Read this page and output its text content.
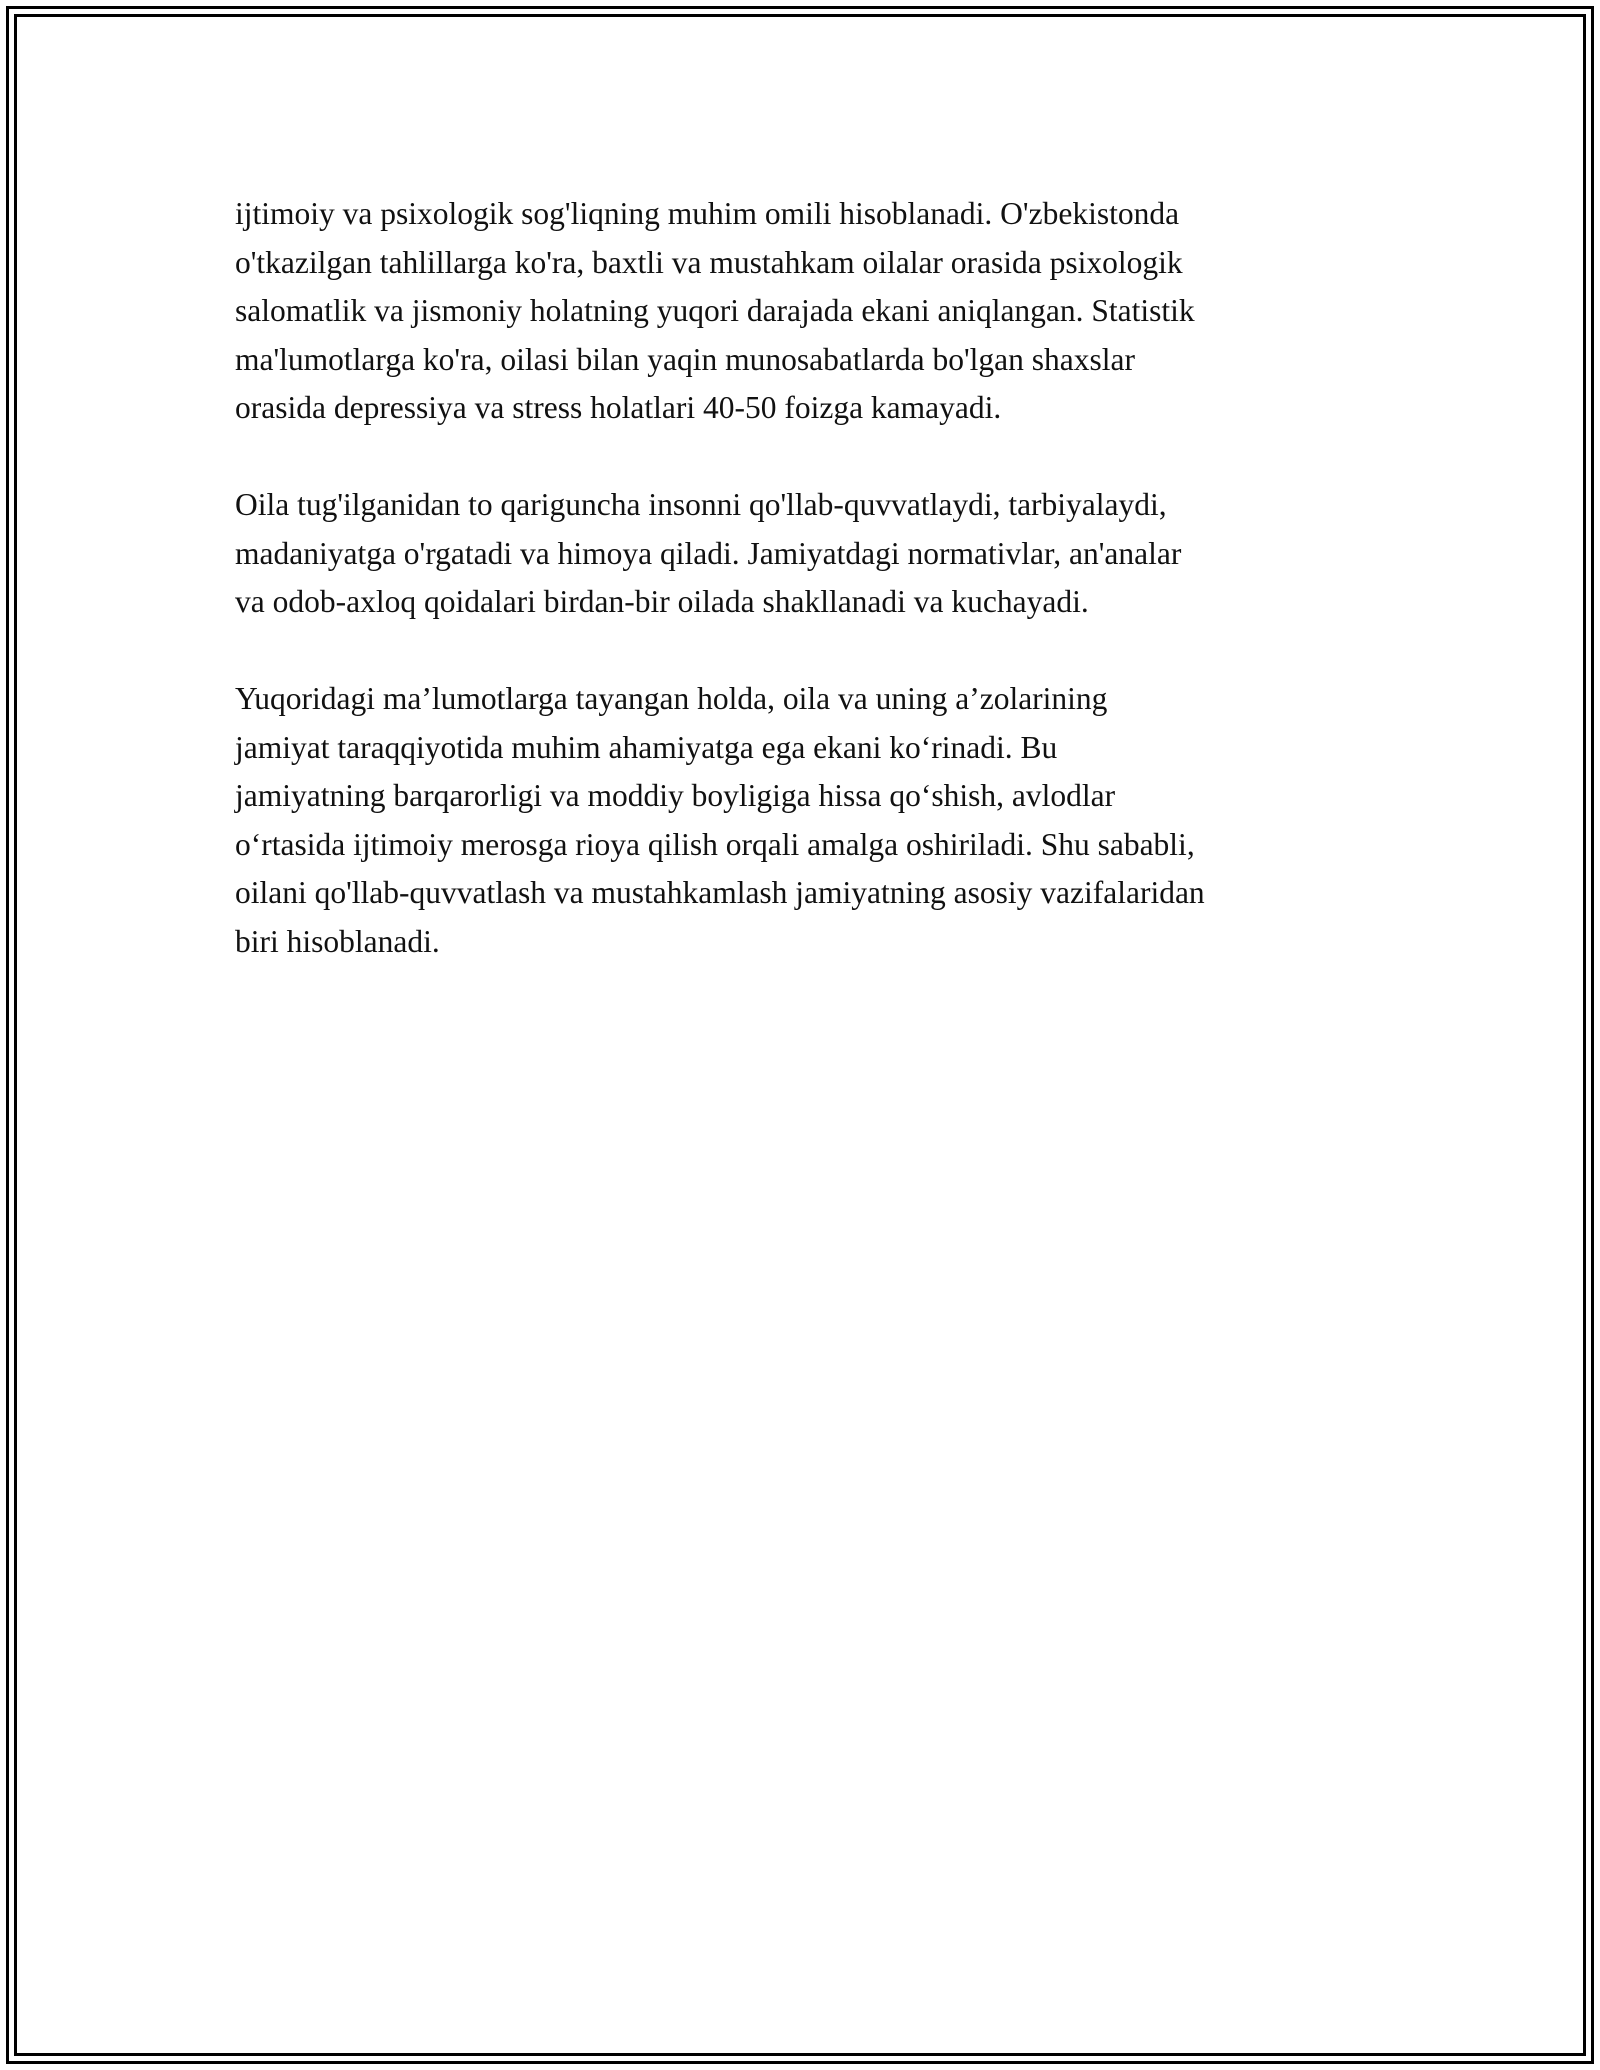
ijtimoiy va psixologik sog'liqning muhim omili hisoblanadi. O'zbekistonda
o'tkazilgan tahlillarga ko'ra, baxtli va mustahkam oilalar orasida psixologik
salomatlik va jismoniy holatning yuqori darajada ekani aniqlangan. Statistik
ma'lumotlarga ko'ra, oilasi bilan yaqin munosabatlarda bo'lgan shaxslar
orasida depressiya va stress holatlari 40-50 foizga kamayadi.

Oila tug'ilganidan to qariguncha insonni qo'llab-quvvatlaydi, tarbiyalaydi,
madaniyatga o'rgatadi va himoya qiladi. Jamiyatdagi normativlar, an'analar
va odob-axloq qoidalari birdan-bir oilada shakllanadi va kuchayadi.

Yuqoridagi ma’lumotlarga tayangan holda, oila va uning a’zolarining
jamiyat taraqqiyotida muhim ahamiyatga ega ekani koʻrinadi. Bu
jamiyatning barqarorligi va moddiy boyligiga hissa qoʻshish, avlodlar
oʻrtasida ijtimoiy merosga rioya qilish orqali amalga oshiriladi. Shu sababli,
oilani qo'llab-quvvatlash va mustahkamlash jamiyatning asosiy vazifalaridan
biri hisoblanadi.
